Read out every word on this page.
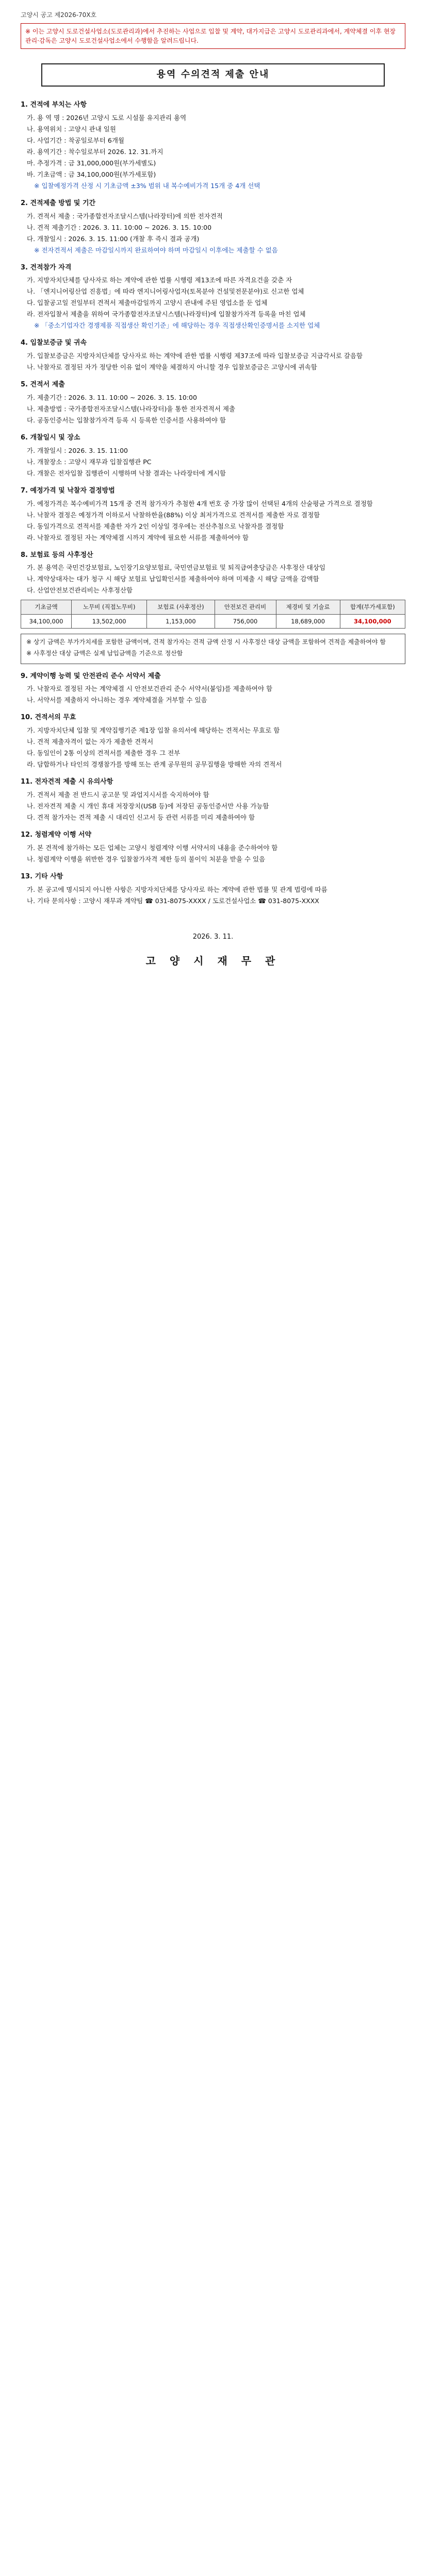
고양시 공고 제2026-70X호
※ 이는 고양시 도로건설사업소(도로관리과)에서 추진하는 사업으로 입찰 및 계약, 대가지급은 고양시 도로관리과에서, 계약체결 이후 현장 관리·감독은 고양시 도로건설사업소에서 수행함을 알려드립니다.
용역 수의견적 제출 안내
1. 견적에 부치는 사항
가. 용 역 명 : 2026년 고양시 도로 시설물 유지관리 용역
나. 용역위치 : 고양시 관내 일원
다. 사업기간 : 착공일로부터 6개월
라. 용역기간 : 착수일로부터 2026. 12. 31.까지
마. 추정가격 : 금 31,000,000원(부가세별도)
바. 기초금액 : 금 34,100,000원(부가세포함)
※ 입찰예정가격 산정 시 기초금액 ±3% 범위 내 복수예비가격 15개 중 4개 선택
2. 견적제출 방법 및 기간
가. 견적서 제출 : 국가종합전자조달시스템(나라장터)에 의한 전자견적
나. 견적 제출기간 : 2026. 3. 11. 10:00 ~ 2026. 3. 15. 10:00
다. 개찰일시 : 2026. 3. 15. 11:00 (개찰 후 즉시 결과 공개)
※ 전자견적서 제출은 마감일시까지 완료하여야 하며 마감일시 이후에는 제출할 수 없음
3. 견적참가 자격
가. 지방자치단체를 당사자로 하는 계약에 관한 법률 시행령 제13조에 따른 자격요건을 갖춘 자
나. 「엔지니어링산업 진흥법」에 따라 엔지니어링사업자(토목분야 건설및전문분야)로 신고한 업체
다. 입찰공고일 전일부터 견적서 제출마감일까지 고양시 관내에 주된 영업소를 둔 업체
라. 전자입찰서 제출을 위하여 국가종합전자조달시스템(나라장터)에 입찰참가자격 등록을 마친 업체
※ 「중소기업자간 경쟁제품 직접생산 확인기준」에 해당하는 경우 직접생산확인증명서를 소지한 업체
4. 입찰보증금 및 귀속
가. 입찰보증금은 지방자치단체를 당사자로 하는 계약에 관한 법률 시행령 제37조에 따라 입찰보증금 지급각서로 갈음함
나. 낙찰자로 결정된 자가 정당한 이유 없이 계약을 체결하지 아니할 경우 입찰보증금은 고양시에 귀속함
5. 견적서 제출
가. 제출기간 : 2026. 3. 11. 10:00 ~ 2026. 3. 15. 10:00
나. 제출방법 : 국가종합전자조달시스템(나라장터)을 통한 전자견적서 제출
다. 공동인증서는 입찰참가자격 등록 시 등록한 인증서를 사용하여야 함
6. 개찰일시 및 장소
가. 개찰일시 : 2026. 3. 15. 11:00
나. 개찰장소 : 고양시 재무과 입찰집행관 PC
다. 개찰은 전자입찰 집행관이 시행하며 낙찰 결과는 나라장터에 게시함
7. 예정가격 및 낙찰자 결정방법
가. 예정가격은 복수예비가격 15개 중 견적 참가자가 추첨한 4개 번호 중 가장 많이 선택된 4개의 산술평균 가격으로 결정함
나. 낙찰자 결정은 예정가격 이하로서 낙찰하한율(88%) 이상 최저가격으로 견적서를 제출한 자로 결정함
다. 동일가격으로 견적서를 제출한 자가 2인 이상일 경우에는 전산추첨으로 낙찰자를 결정함
라. 낙찰자로 결정된 자는 계약체결 시까지 계약에 필요한 서류를 제출하여야 함
8. 보험료 등의 사후정산
가. 본 용역은 국민건강보험료, 노인장기요양보험료, 국민연금보험료 및 퇴직급여충당금은 사후정산 대상임
나. 계약상대자는 대가 청구 시 해당 보험료 납입확인서를 제출하여야 하며 미제출 시 해당 금액을 감액함
다. 산업안전보건관리비는 사후정산함
기초금액	노무비 (직접노무비)	보험료 (사후정산)	안전보건 관리비	제경비 및 기술료	합계(부가세포함)
34,100,000	13,502,000	1,153,000	756,000	18,689,000	34,100,000

※ 상기 금액은 부가가치세를 포함한 금액이며, 견적 참가자는 견적 금액 산정 시 사후정산 대상 금액을 포함하여 견적을 제출하여야 함

※ 사후정산 대상 금액은 실제 납입금액을 기준으로 정산함

9. 계약이행 능력 및 안전관리 준수 서약서 제출
가. 낙찰자로 결정된 자는 계약체결 시 안전보건관리 준수 서약서(붙임)를 제출하여야 함
나. 서약서를 제출하지 아니하는 경우 계약체결을 거부할 수 있음
10. 견적서의 무효
가. 지방자치단체 입찰 및 계약집행기준 제1장 입찰 유의서에 해당하는 견적서는 무효로 함
나. 견적 제출자격이 없는 자가 제출한 견적서
다. 동일인이 2통 이상의 견적서를 제출한 경우 그 전부
라. 담합하거나 타인의 경쟁참가를 방해 또는 관계 공무원의 공무집행을 방해한 자의 견적서
11. 전자견적 제출 시 유의사항
가. 견적서 제출 전 반드시 공고문 및 과업지시서를 숙지하여야 함
나. 전자견적 제출 시 개인 휴대 저장장치(USB 등)에 저장된 공동인증서만 사용 가능함
다. 견적 참가자는 견적 제출 시 대리인 신고서 등 관련 서류를 미리 제출하여야 함
12. 청렴계약 이행 서약
가. 본 견적에 참가하는 모든 업체는 고양시 청렴계약 이행 서약서의 내용을 준수하여야 함
나. 청렴계약 이행을 위반한 경우 입찰참가자격 제한 등의 불이익 처분을 받을 수 있음
13. 기타 사항
가. 본 공고에 명시되지 아니한 사항은 지방자치단체를 당사자로 하는 계약에 관한 법률 및 관계 법령에 따름
나. 기타 문의사항 : 고양시 재무과 계약팀 ☎ 031-8075-XXXX / 도로건설사업소 ☎ 031-8075-XXXX
2026. 3. 11.
고 양 시 재 무 관
